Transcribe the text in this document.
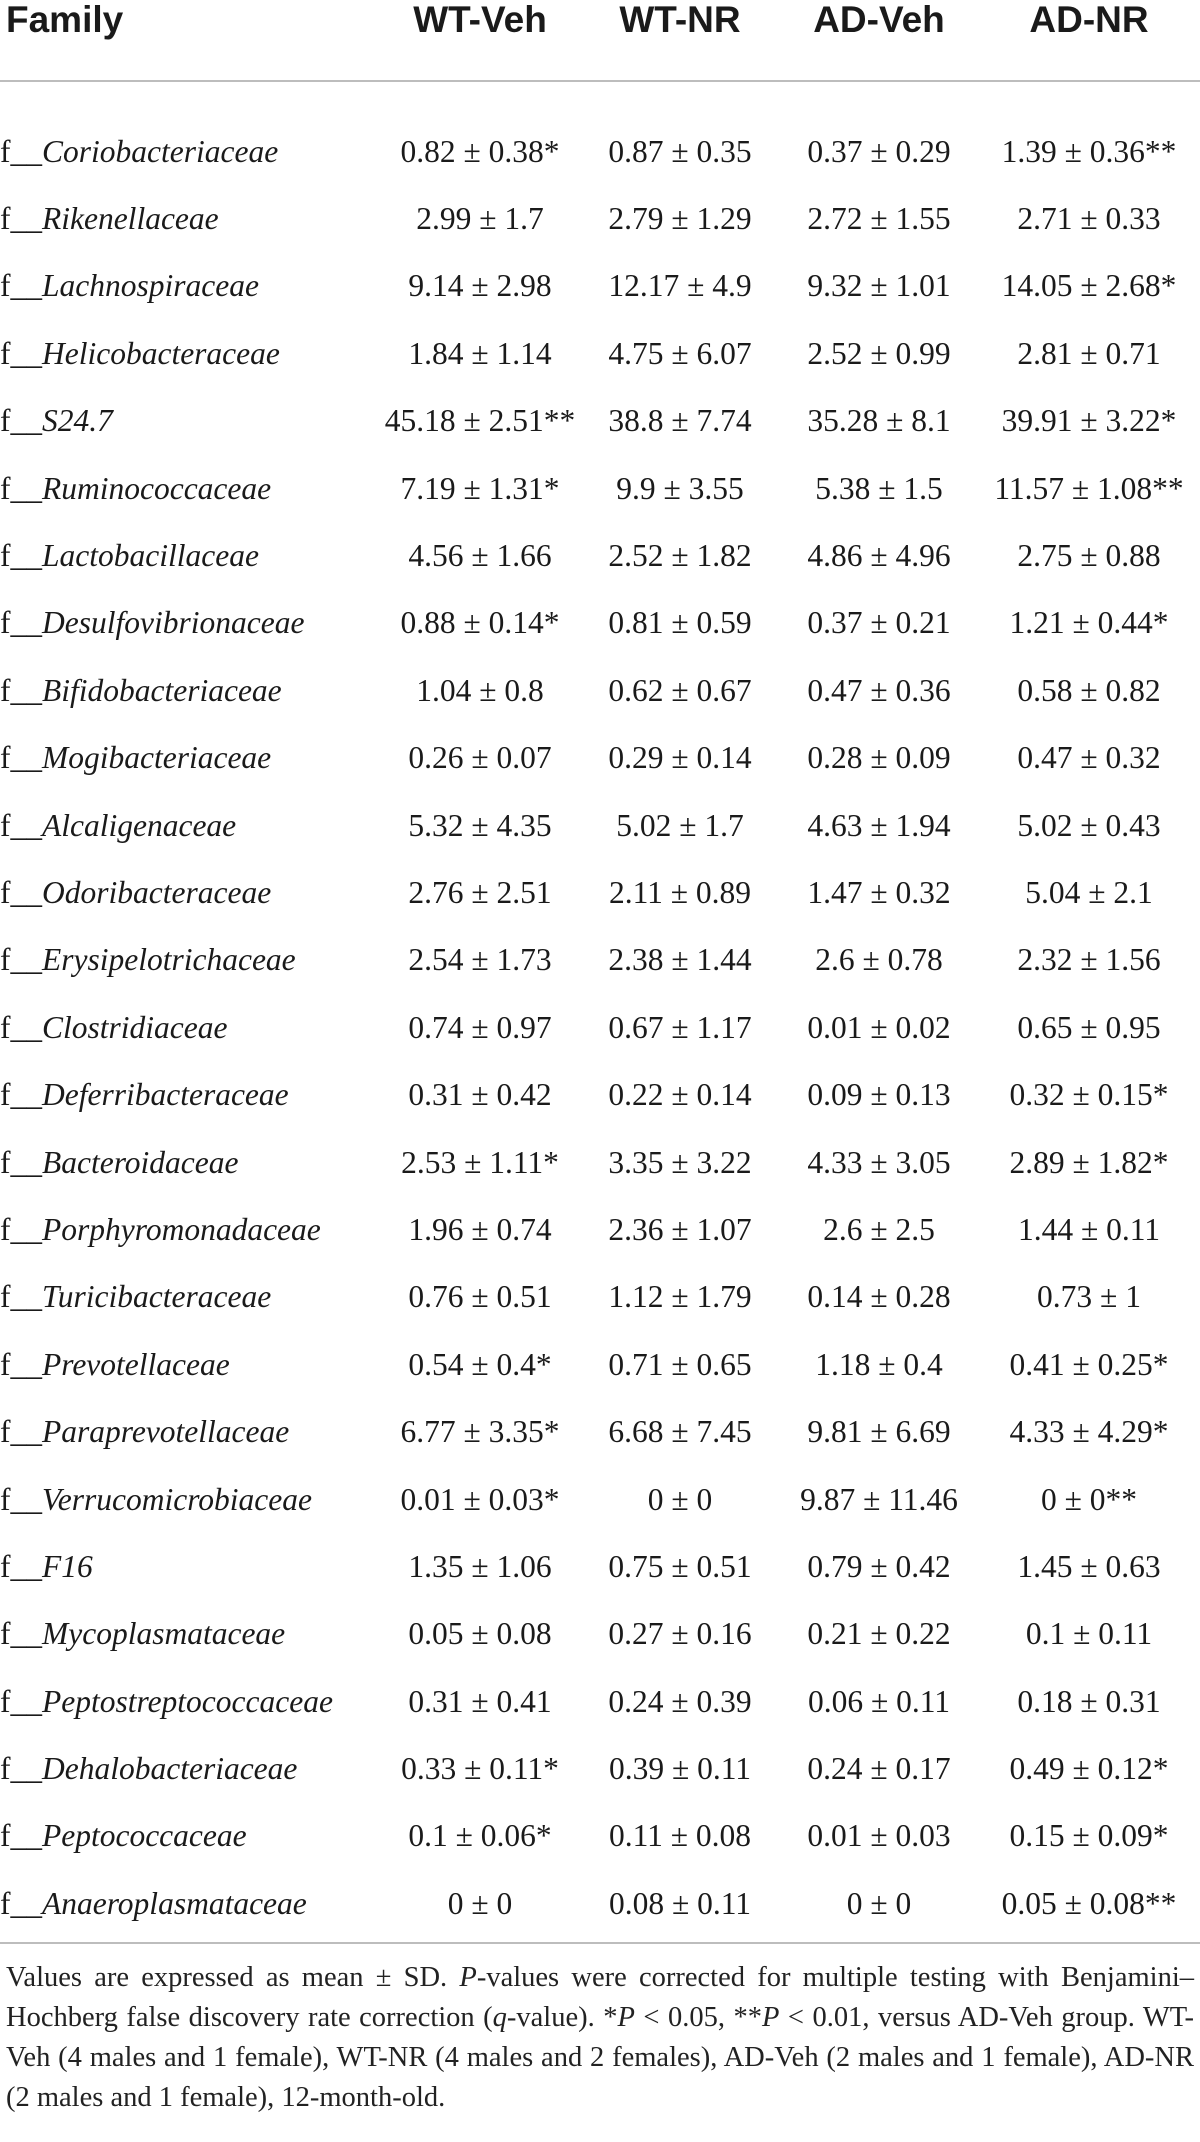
Family	WT-Veh	WT-NR	AD-Veh	AD-NR

f__Coriobacteriaceae	0.82 ± 0.38*	0.87 ± 0.35	0.37 ± 0.29	1.39 ± 0.36**
f__Rikenellaceae	2.99 ± 1.7	2.79 ± 1.29	2.72 ± 1.55	2.71 ± 0.33
f__Lachnospiraceae	9.14 ± 2.98	12.17 ± 4.9	9.32 ± 1.01	14.05 ± 2.68*
f__Helicobacteraceae	1.84 ± 1.14	4.75 ± 6.07	2.52 ± 0.99	2.81 ± 0.71
f__S24.7	45.18 ± 2.51**	38.8 ± 7.74	35.28 ± 8.1	39.91 ± 3.22*
f__Ruminococcaceae	7.19 ± 1.31*	9.9 ± 3.55	5.38 ± 1.5	11.57 ± 1.08**
f__Lactobacillaceae	4.56 ± 1.66	2.52 ± 1.82	4.86 ± 4.96	2.75 ± 0.88
f__Desulfovibrionaceae	0.88 ± 0.14*	0.81 ± 0.59	0.37 ± 0.21	1.21 ± 0.44*
f__Bifidobacteriaceae	1.04 ± 0.8	0.62 ± 0.67	0.47 ± 0.36	0.58 ± 0.82
f__Mogibacteriaceae	0.26 ± 0.07	0.29 ± 0.14	0.28 ± 0.09	0.47 ± 0.32
f__Alcaligenaceae	5.32 ± 4.35	5.02 ± 1.7	4.63 ± 1.94	5.02 ± 0.43
f__Odoribacteraceae	2.76 ± 2.51	2.11 ± 0.89	1.47 ± 0.32	5.04 ± 2.1
f__Erysipelotrichaceae	2.54 ± 1.73	2.38 ± 1.44	2.6 ± 0.78	2.32 ± 1.56
f__Clostridiaceae	0.74 ± 0.97	0.67 ± 1.17	0.01 ± 0.02	0.65 ± 0.95
f__Deferribacteraceae	0.31 ± 0.42	0.22 ± 0.14	0.09 ± 0.13	0.32 ± 0.15*
f__Bacteroidaceae	2.53 ± 1.11*	3.35 ± 3.22	4.33 ± 3.05	2.89 ± 1.82*
f__Porphyromonadaceae	1.96 ± 0.74	2.36 ± 1.07	2.6 ± 2.5	1.44 ± 0.11
f__Turicibacteraceae	0.76 ± 0.51	1.12 ± 1.79	0.14 ± 0.28	0.73 ± 1
f__Prevotellaceae	0.54 ± 0.4*	0.71 ± 0.65	1.18 ± 0.4	0.41 ± 0.25*
f__Paraprevotellaceae	6.77 ± 3.35*	6.68 ± 7.45	9.81 ± 6.69	4.33 ± 4.29*
f__Verrucomicrobiaceae	0.01 ± 0.03*	0 ± 0	9.87 ± 11.46	0 ± 0**
f__F16	1.35 ± 1.06	0.75 ± 0.51	0.79 ± 0.42	1.45 ± 0.63
f__Mycoplasmataceae	0.05 ± 0.08	0.27 ± 0.16	0.21 ± 0.22	0.1 ± 0.11
f__Peptostreptococcaceae	0.31 ± 0.41	0.24 ± 0.39	0.06 ± 0.11	0.18 ± 0.31
f__Dehalobacteriaceae	0.33 ± 0.11*	0.39 ± 0.11	0.24 ± 0.17	0.49 ± 0.12*
f__Peptococcaceae	0.1 ± 0.06*	0.11 ± 0.08	0.01 ± 0.03	0.15 ± 0.09*
f__Anaeroplasmataceae	0 ± 0	0.08 ± 0.11	0 ± 0	0.05 ± 0.08**
Values are expressed as mean ± SD. P-values were corrected for multiple testing with Benjamini–Hochberg false discovery rate correction (q-value). *P < 0.05, **P < 0.01, versus AD-Veh group. WT-Veh (4 males and 1 female), WT-NR (4 males and 2 females), AD-Veh (2 males and 1 female), AD-NR (2 males and 1 female), 12-month-old.
